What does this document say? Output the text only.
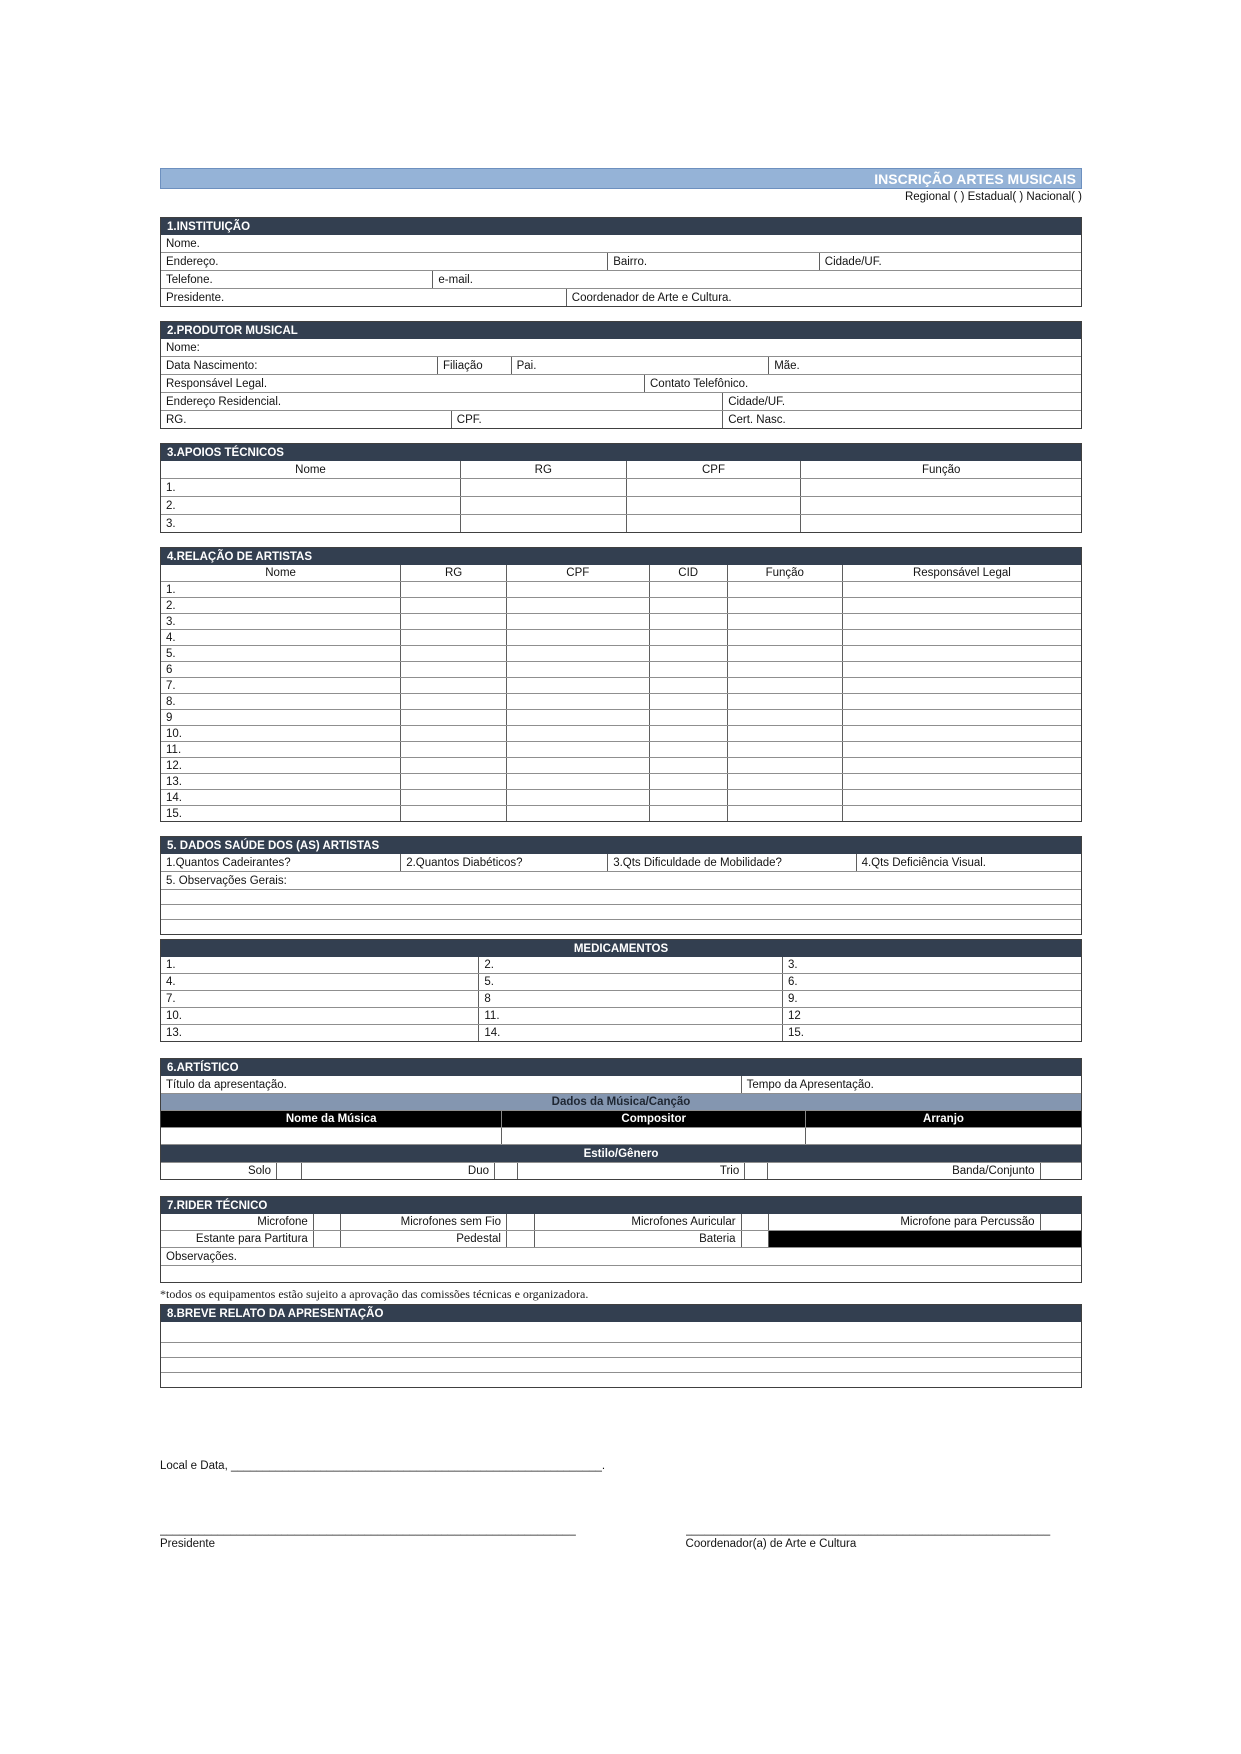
INSCRIÇÃO ARTES MUSICAIS
Regional ( ) Estadual( ) Nacional( )
1.INSTITUIÇÃO
Nome.
Endereço.	Bairro.	Cidade/UF.
Telefone.	e-mail.
Presidente.	Coordenador de Arte e Cultura.
2.PRODUTOR MUSICAL
Nome:
Data Nascimento:	Filiação	Pai.	Mãe.
Responsável Legal.	Contato Telefônico.
Endereço Residencial.	Cidade/UF.
RG.	CPF.	Cert. Nasc.
3.APOIOS TÉCNICOS
Nome	RG	CPF	Função
1.
2.
3.
4.RELAÇÃO DE ARTISTAS
Nome	RG	CPF	CID	Função	Responsável Legal
1.
2.
3.
4.
5.
6
7.
8.
9
10.
11.
12.
13.
14.
15.
5. DADOS SAÚDE DOS (AS) ARTISTAS
1.Quantos Cadeirantes?	2.Quantos Diabéticos?	3.Qts Dificuldade de Mobilidade?	4.Qts Deficiência Visual.
5. Observações Gerais:
MEDICAMENTOS
1.	2.	3.
4.	5.	6.
7.	8	9.
10.	11.	12
13.	14.	15.
6.ARTÍSTICO
Título da apresentação.	Tempo da Apresentação.
Dados da Música/Canção
Nome da Música	Compositor	Arranjo
Estilo/Gênero
Solo	Duo	Trio	Banda/Conjunto
7.RIDER TÉCNICO
Microfone	Microfones sem Fio	Microfones Auricular	Microfone para Percussão
Estante para Partitura	Pedestal	Bateria
Observações.
*todos os equipamentos estão sujeito a aprovação das comissões técnicas e organizadora.
8.BREVE RELATO DA APRESENTAÇÃO
Local e Data, __________________________________________________________.
_________________________________________________________________
Presidente
_________________________________________________________
Coordenador(a) de Arte e Cultura
